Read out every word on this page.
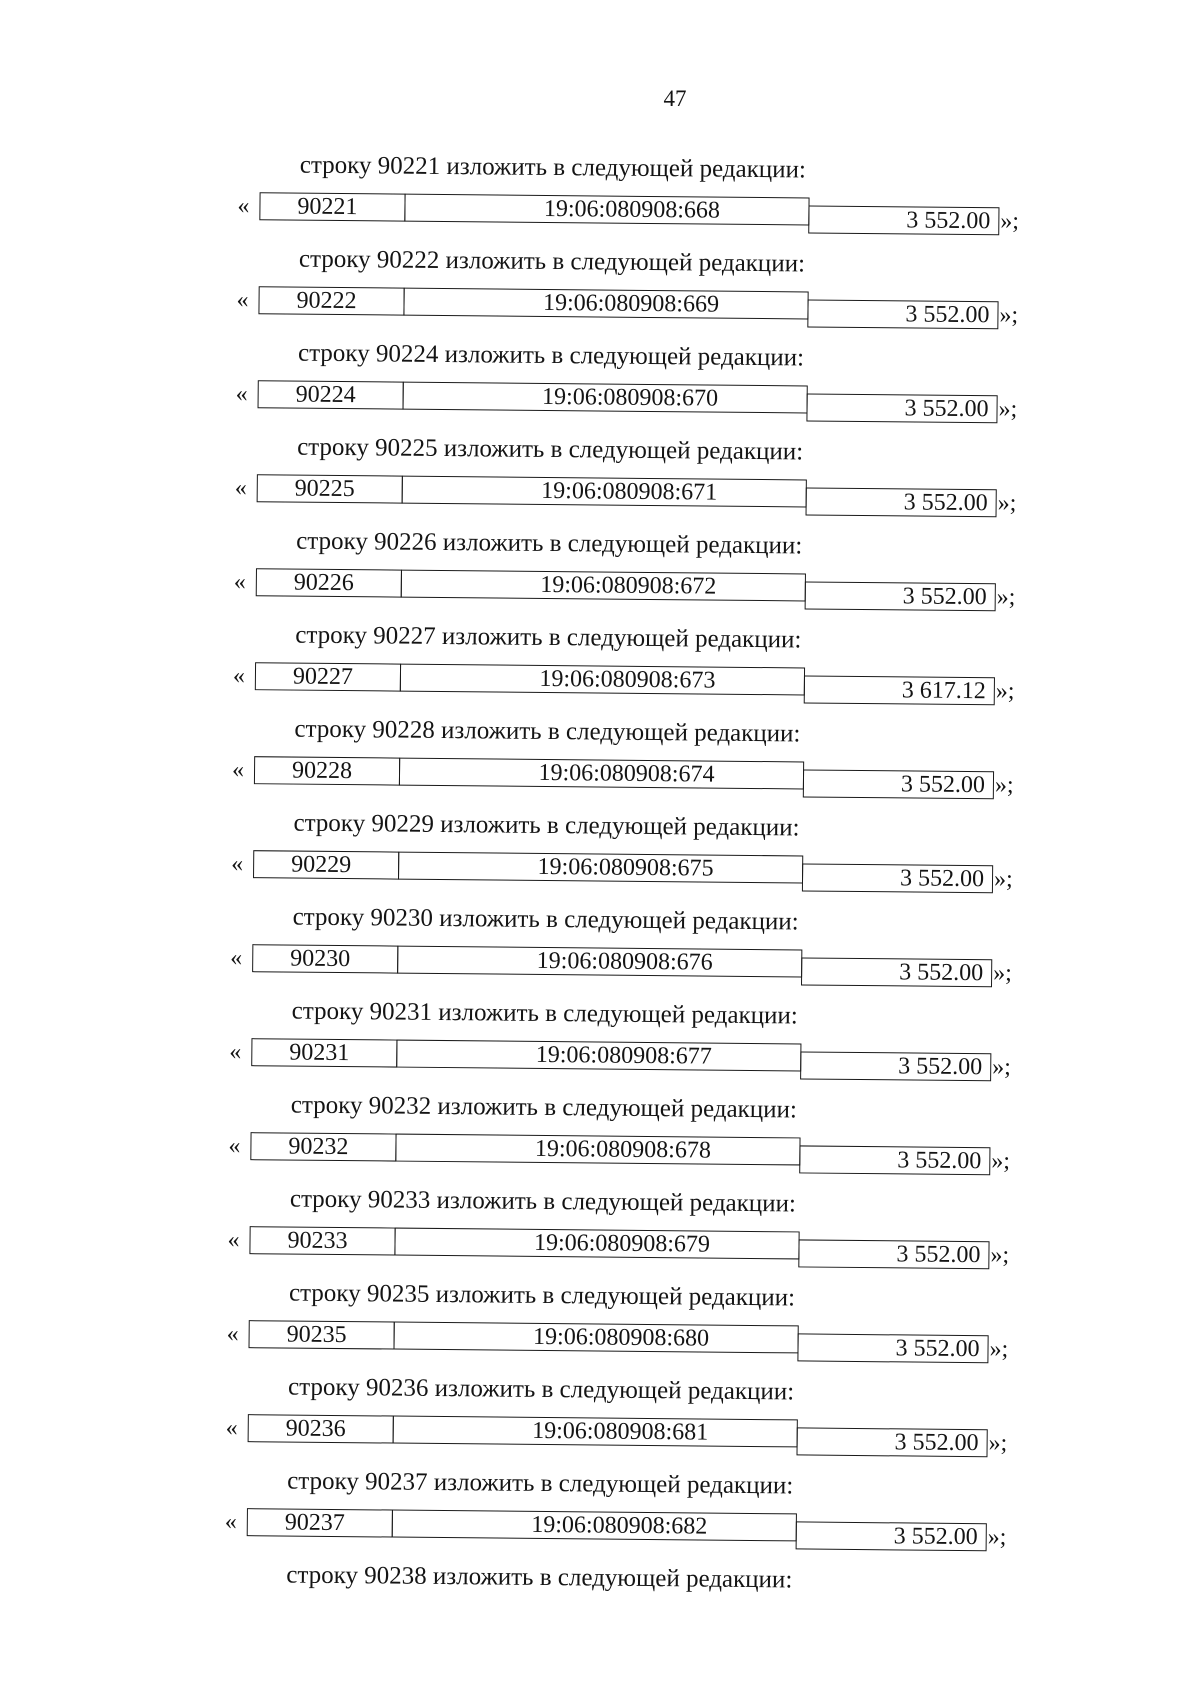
47
строку 90221 изложить в следующей редакции:
«	90221	19:06:080908:668	3 552.00 »;
строку 90222 изложить в следующей редакции:
«	90222	19:06:080908:669	3 552.00 »;
строку 90224 изложить в следующей редакции:
«	90224	19:06:080908:670	3 552.00 »;
строку 90225 изложить в следующей редакции:
«	90225	19:06:080908:671	3 552.00 »;
строку 90226 изложить в следующей редакции:
«	90226	19:06:080908:672	3 552.00 »;
строку 90227 изложить в следующей редакции:
«	90227	19:06:080908:673	3 617.12 »;
строку 90228 изложить в следующей редакции:
«	90228	19:06:080908:674	3 552.00 »;
строку 90229 изложить в следующей редакции:
«	90229	19:06:080908:675	3 552.00 »;
строку 90230 изложить в следующей редакции:
«	90230	19:06:080908:676	3 552.00 »;
строку 90231 изложить в следующей редакции:
«	90231	19:06:080908:677	3 552.00 »;
строку 90232 изложить в следующей редакции:
«	90232	19:06:080908:678	3 552.00 »;
строку 90233 изложить в следующей редакции:
«	90233	19:06:080908:679	3 552.00 »;
строку 90235 изложить в следующей редакции:
«	90235	19:06:080908:680	3 552.00 »;
строку 90236 изложить в следующей редакции:
«	90236	19:06:080908:681	3 552.00 »;
строку 90237 изложить в следующей редакции:
«	90237	19:06:080908:682	3 552.00 »;
строку 90238 изложить в следующей редакции:
